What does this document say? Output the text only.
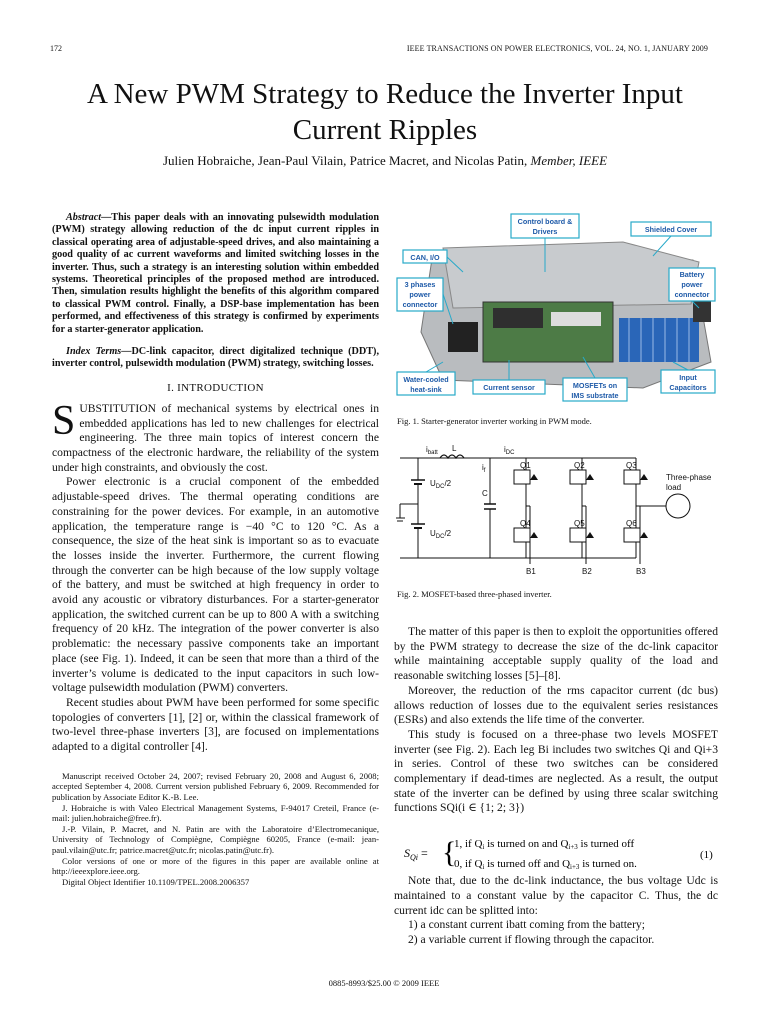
172	IEEE TRANSACTIONS ON POWER ELECTRONICS, VOL. 24, NO. 1, JANUARY 2009
A New PWM Strategy to Reduce the Inverter Input
Current Ripples
Julien Hobraiche, Jean-Paul Vilain, Patrice Macret, and Nicolas Patin, Member, IEEE

Abstract—This paper deals with an innovating pulsewidth modulation (PWM) strategy allowing reduction of the dc input current ripples in classical operating area of adjustable-speed drives, and also maintaining a good quality of ac current waveforms and limited switching losses in the inverter. Thus, such a strategy is an interesting solution within embedded systems. Theoretical principles of the proposed method are introduced. Then, simulation results highlight the benefits of this algorithm compared to classical PWM control. Finally, a DSP-base implementation has been performed, and effectiveness of this strategy is confirmed by experiments for a starter-generator application.

Index Terms—DC-link capacitor, direct digitalized technique (DDT), inverter control, pulsewidth modulation (PWM) strategy, switching losses.

I. INTRODUCTION

SUBSTITUTION of mechanical systems by electrical ones in embedded applications has led to new challenges for electrical engineering. The three main topics of interest concern the compactness of the electronic hardware, the reliability of the system under high constraints, and obviously the cost.

Power electronic is a crucial component of the embedded adjustable-speed drives. The thermal operating conditions are constraining for the power devices. For example, in an automotive application, the temperature range is −40 °C to 120 °C. As a consequence, the size of the heat sink is important so as to evacuate the losses inside the inverter. Furthermore, the current flowing through the converter can be high because of the low supply voltage of the battery, and must be switched at high frequency in order to avoid any acoustic or vibratory disturbances. For a starter-generator application, the switched current can be up to 800 A with a switching frequency of 20 kHz. The integration of the power converter is also problematic: the necessary passive components take an important place (see Fig. 1). Indeed, it can be seen that more than a third of the inverter’s volume is dedicated to the input capacitors in such low-voltage pulsewidth modulation (PWM) converters.

Recent studies about PWM have been performed for some specific topologies of converters [1], [2] or, within the classical framework of two-level three-phase inverters [3], are focused on implementations adapted to a digital controller [4].

Manuscript received October 24, 2007; revised February 20, 2008 and August 6, 2008; accepted September 4, 2008. Current version published February 6, 2009. Recommended for publication by Associate Editor K.-B. Lee.

J. Hobraiche is with Valeo Electrical Management Systems, F-94017 Creteil, France (e-mail: julien.hobraiche@free.fr).

J.-P. Vilain, P. Macret, and N. Patin are with the Laboratoire d’Electromecanique, University of Technology of Compiègne, Compiègne 60205, France (e-mail: jean-paul.vilain@utc.fr; patrice.macret@utc.fr; nicolas.patin@utc.fr).

Color versions of one or more of the figures in this paper are available online at http://ieeexplore.ieee.org.

Digital Object Identifier 10.1109/TPEL.2008.2006357

Control board &
Drivers	Shielded Cover
CAN, I/O
3 phases
power
connector
Battery
power
connector
Water-cooled
heat-sink	Current sensor	MOSFETs on
IMS substrate
Input
Capacitors
Fig. 1. Starter-generator inverter working in PWM mode.
$i_{batt}$ L	$i_{DC}$
$i_f$
C
$U_{DC}/2$
$U_{DC}/2$
Q1	Q2	Q3
Q4	Q5	Q6
B1	B2	B3
Three-phase
load
Fig. 2. MOSFET-based three-phased inverter.

The matter of this paper is then to exploit the opportunities offered by the PWM strategy to decrease the size of the dc-link capacitor while maintaining acceptable supply quality of the load and reasonable switching losses [5]–[8].

Moreover, the reduction of the rms capacitor current (dc bus) allows reduction of losses due to the equivalent series resistances (ESRs) and also extends the life time of the converter.

This study is focused on a three-phase two levels MOSFET inverter (see Fig. 2). Each leg Bi includes two switches Qi and Qi+3 in series. Control of these two switches can be considered complementary if dead-times are neglected. As a result, the output state of the inverter can be defined by using three scalar switching functions SQi(i ∈ {1; 2; 3})

Note that, due to the dc-link inductance, the bus voltage Udc is maintained to a constant value by the capacitor C. Thus, the dc current idc can be splitted into:

1) a constant current ibatt coming from the battery;
2) a variable current if flowing through the capacitor.
$S_{Qi}$ = {
1, if Qi is turned on and Qi+3 is turned off
0, if Qi is turned off and Qi+3 is turned on.
(1)
0885-8993/$25.00 © 2009 IEEE
